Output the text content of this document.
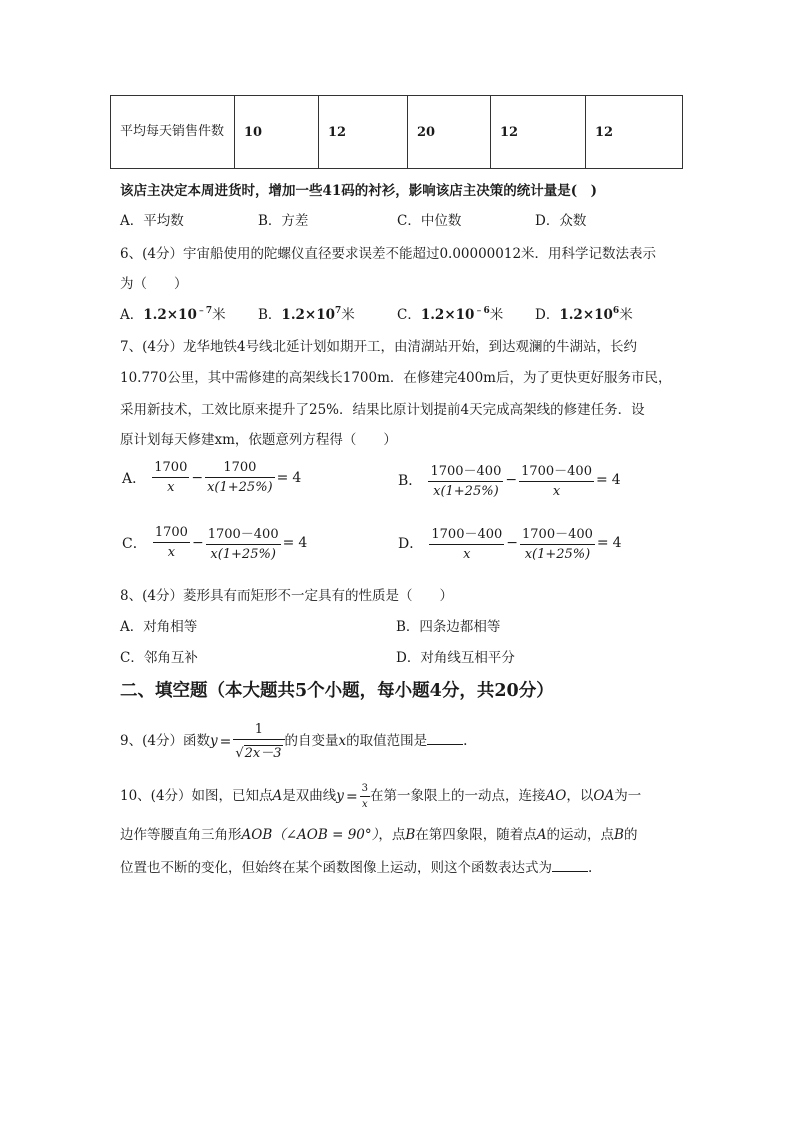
平均每天销售件数	10	12	20	12	12
该店主决定本周进货时，增加一些41码的衬衫，影响该店主决策的统计量是(　)
A．平均数	B．方差	C．中位数	D．众数
6、(4分）宇宙船使用的陀螺仪直径要求误差不能超过0.00000012米．用科学记数法表示
为（　　）
A．$1.2\times 10^{﹣7}$米 B．$1.2\times 10^7$米	C．$1.2\times 10^{﹣6}$米 D．$1.2\times 10^6$米
7、(4分）龙华地铁4号线北延计划如期开工，由清湖站开始，到达观澜的牛湖站，长约
10.770公里，其中需修建的高架线长1700m．在修建完400m后，为了更快更好服务市民，
采用新技术，工效比原来提升了25%．结果比原计划提前4天完成高架线的修建任务．设
原计划每天修建xm，依题意列方程得（　　）
A． $\frac{1700}{x} - \frac{1700}{x(1+25\%)} = 4$	B． $\frac{1700-400}{x(1+25\%)} - \frac{1700-400}{x} = 4$
C． $\frac{1700}{x} - \frac{1700-400}{x(1+25\%)} = 4$	D． $\frac{1700-400}{x} - \frac{1700-400}{x(1+25\%)} = 4$
8、(4分）菱形具有而矩形不一定具有的性质是（　　）
A．对角相等	B．四条边都相等
C．邻角互补	D．对角线互相平分
二、填空题（本大题共5个小题，每小题4分，共20分）
9、(4分）函数$y = \frac{1}{√2x-3}$ 的自变量x的取值范围是	.
10、(4分）如图，已知点A是双曲线$y = \frac{3}{x}$ 在第一象限上的一动点，连接AO，以OA为一
边作等腰直角三角形AOB（∠AOB = 90°），点B在第四象限，随着点A的运动，点B的
位置也不断的变化，但始终在某个函数图像上运动，则这个函数表达式为	.
